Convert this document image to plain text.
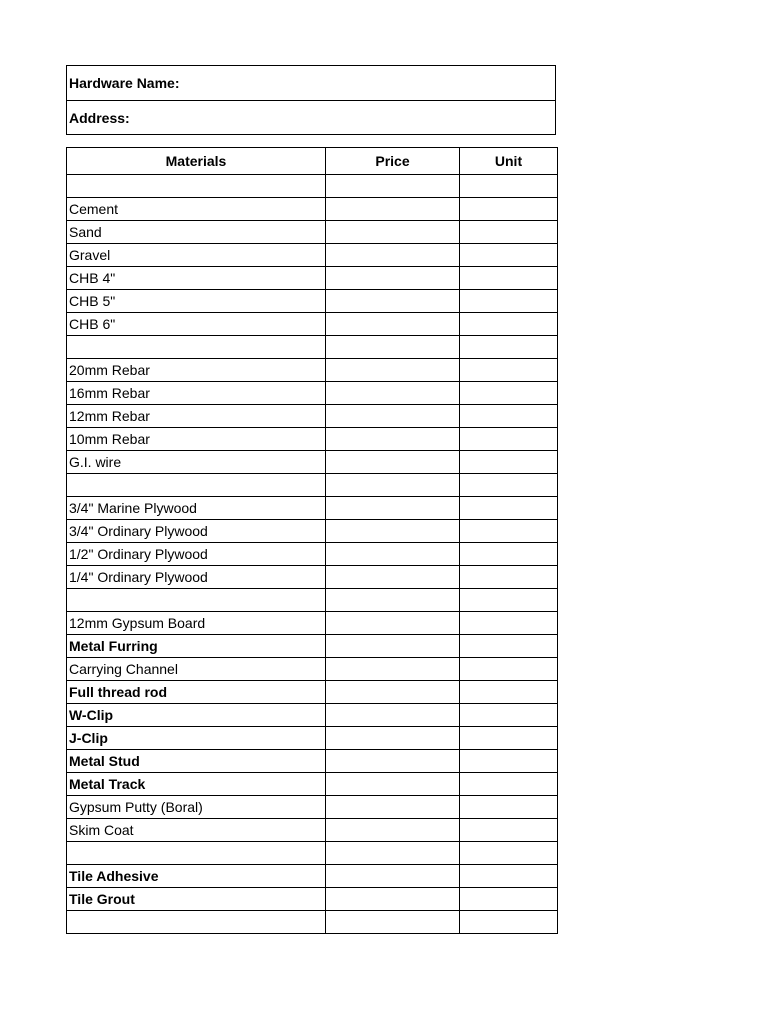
Hardware Name:
Address:
Materials	Price	Unit

Cement		
Sand		
Gravel		
CHB 4"		
CHB 5"		
CHB 6"		

20mm Rebar		
16mm Rebar		
12mm Rebar		
10mm Rebar		
G.I. wire		

3/4" Marine Plywood		
3/4" Ordinary Plywood		
1/2" Ordinary Plywood		
1/4" Ordinary Plywood		

12mm Gypsum Board		
Metal Furring		
Carrying Channel		
Full thread rod		
W-Clip		
J-Clip		
Metal Stud		
Metal Track		
Gypsum Putty (Boral)		
Skim Coat		

Tile Adhesive		
Tile Grout		
